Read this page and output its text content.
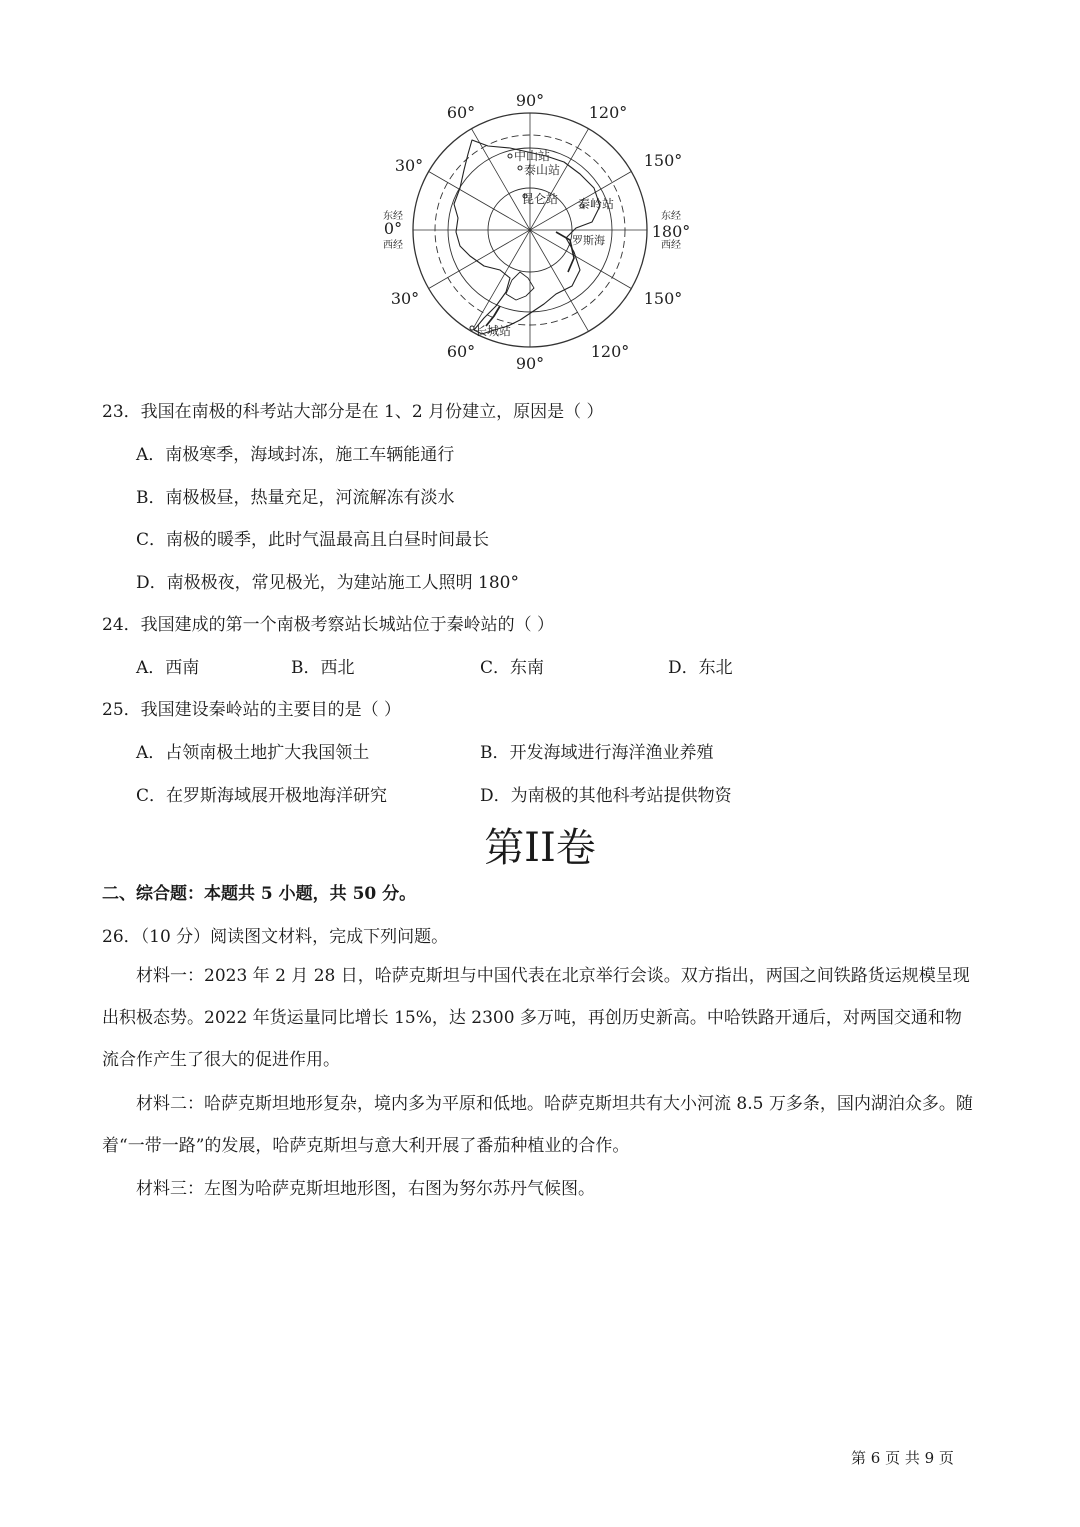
90°
60°	120°
30°	150°
0°	180°
30°	150°
60°
90°
120°
东经
西经
东经
西经
中山站
泰山站
昆仑站 秦岭站
罗斯海
长城站
23．我国在南极的科考站大部分是在 1、2 月份建立，原因是（ ）
A．南极寒季，海域封冻，施工车辆能通行
B．南极极昼，热量充足，河流解冻有淡水
C．南极的暖季，此时气温最高且白昼时间最长
D．南极极夜，常见极光，为建站施工人照明 180°
24．我国建成的第一个南极考察站长城站位于秦岭站的（ ）
A．西南	B．西北	C．东南	D．东北
25．我国建设秦岭站的主要目的是（ ）
A．占领南极土地扩大我国领土	B．开发海域进行海洋渔业养殖
C．在罗斯海域展开极地海洋研究	D．为南极的其他科考站提供物资
第II卷
二、综合题：本题共 5 小题，共 50 分。
26．（10 分）阅读图文材料，完成下列问题。
材料一：2023 年 2 月 28 日，哈萨克斯坦与中国代表在北京举行会谈。双方指出，两国之间铁路货运规模呈现出积极态势。2022 年货运量同比增长 15%，达 2300 多万吨，再创历史新高。中哈铁路开通后，对两国交通和物流合作产生了很大的促进作用。
材料二：哈萨克斯坦地形复杂，境内多为平原和低地。哈萨克斯坦共有大小河流 8.5 万多条，国内湖泊众多。随着“一带一路”的发展，哈萨克斯坦与意大利开展了番茄种植业的合作。
材料三：左图为哈萨克斯坦地形图，右图为努尔苏丹气候图。
第 6 页 共 9 页
